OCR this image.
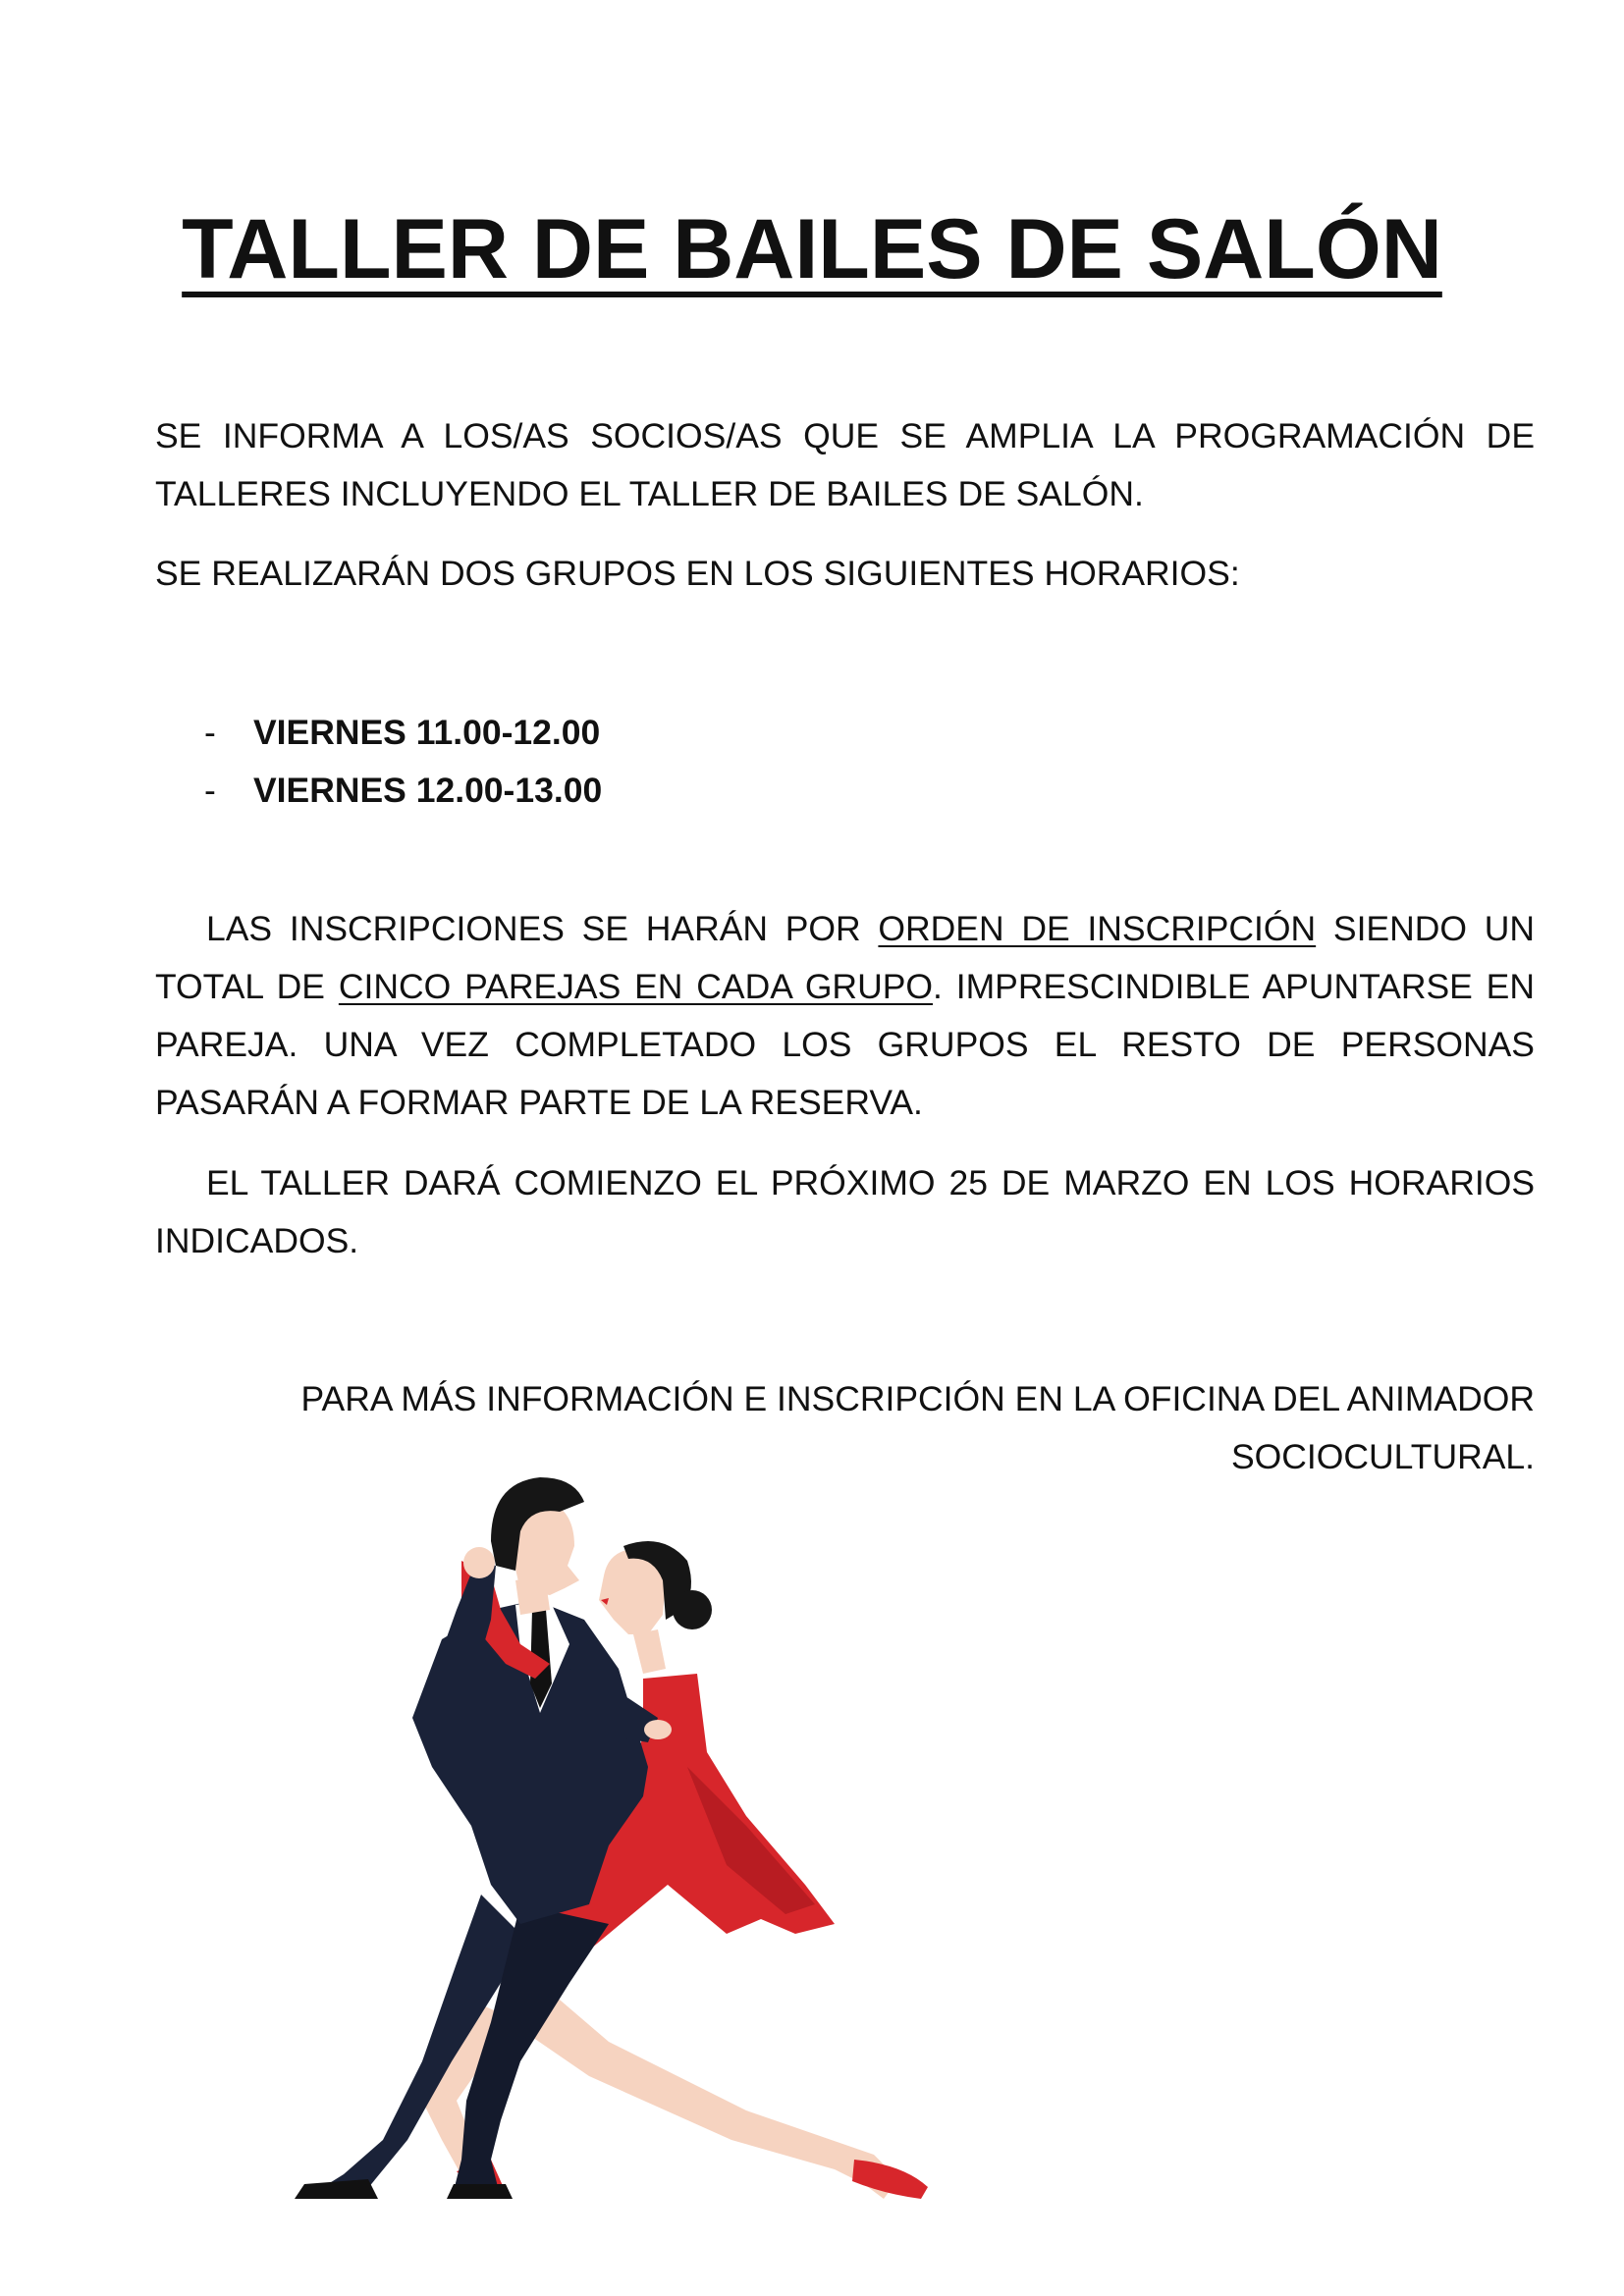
TALLER DE BAILES DE SALÓN

SE INFORMA A LOS/AS SOCIOS/AS QUE SE AMPLIA LA PROGRAMACIÓN DE TALLERES INCLUYENDO EL TALLER DE BAILES DE SALÓN.

SE REALIZARÁN DOS GRUPOS EN LOS SIGUIENTES HORARIOS:

- VIERNES 11.00-12.00
- VIERNES 12.00-13.00

LAS INSCRIPCIONES SE HARÁN POR ORDEN DE INSCRIPCIÓN SIENDO UN TOTAL DE CINCO PAREJAS EN CADA GRUPO. IMPRESCINDIBLE APUNTARSE EN PAREJA. UNA VEZ COMPLETADO LOS GRUPOS EL RESTO DE PERSONAS PASARÁN A FORMAR PARTE DE LA RESERVA.

EL TALLER DARÁ COMIENZO EL PRÓXIMO 25 DE MARZO EN LOS HORARIOS INDICADOS.

PARA MÁS INFORMACIÓN E INSCRIPCIÓN EN LA OFICINA DEL ANIMADOR
SOCIOCULTURAL.
